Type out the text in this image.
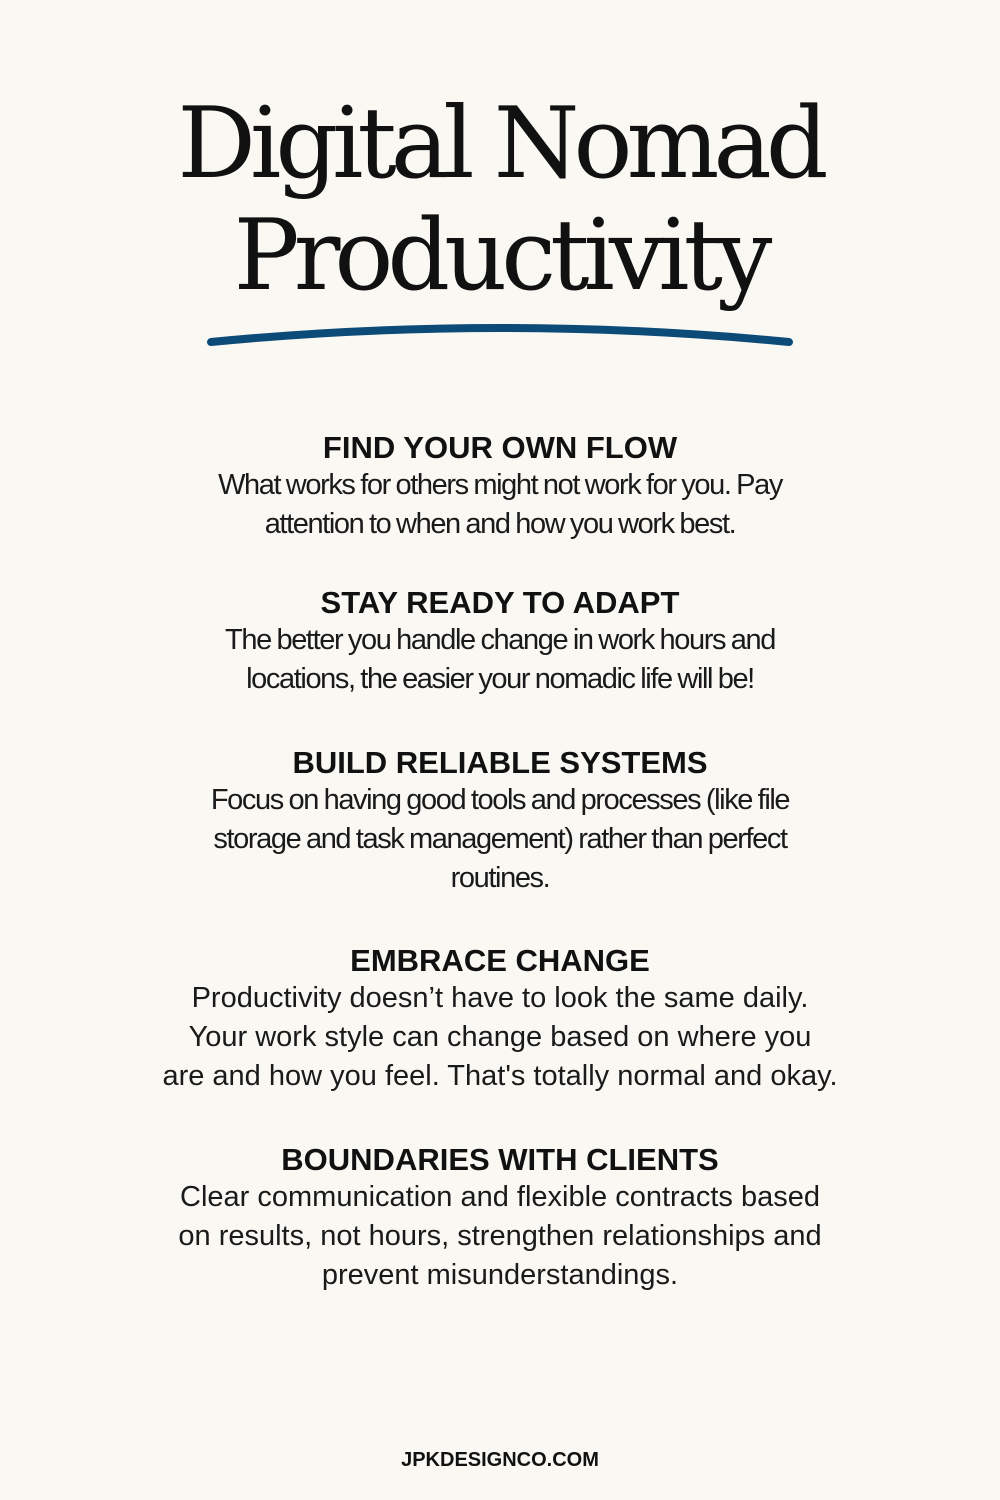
Digital Nomad
Productivity
FIND YOUR OWN FLOW

What works for others might not work for you. Pay

attention to when and how you work best.

STAY READY TO ADAPT

The better you handle change in work hours and

locations, the easier your nomadic life will be!

BUILD RELIABLE SYSTEMS

Focus on having good tools and processes (like file

storage and task management) rather than perfect

routines.

EMBRACE CHANGE

Productivity doesn’t have to look the same daily.

Your work style can change based on where you

are and how you feel. That's totally normal and okay.

BOUNDARIES WITH CLIENTS

Clear communication and flexible contracts based

on results, not hours, strengthen relationships and

prevent misunderstandings.

JPKDESIGNCO.COM
